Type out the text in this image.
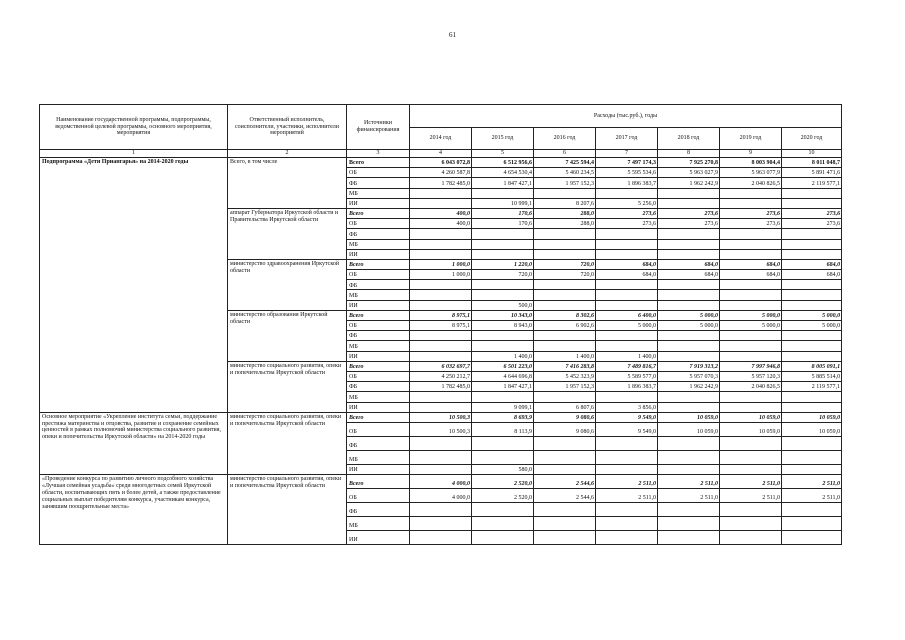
61
Наименование государственной программы, подпрограммы, ведомственной целевой программы, основного мероприятия, мероприятия	Ответственный исполнитель, соисполнители, участники, исполнители мероприятий	Источники финансирования	Расходы (тыс.руб.), годы						
			2014 год	2015 год	2016 год	2017 год	2018 год	2019 год	2020 год
1	2	3	4	5	6	7	8	9	10
Подпрограмма «Дети Приангарья» на 2014-2020 годы	Всего, в том числе	Всего	6 043 072,8	6 512 956,6	7 425 594,4	7 497 174,3	7 925 270,8	8 003 904,4	8 011 048,7
		ОБ	4 260 587,8	4 654 530,4	5 460 234,5	5 595 534,6	5 963 027,9	5 963 077,9	5 891 471,6
		ФБ	1 782 485,0	1 847 427,1	1 957 152,3	1 896 383,7	1 962 242,9	2 040 826,5	2 119 577,1
		МБ							
		ИИ		10 999,1	8 207,6	5 256,0			
	аппарат Губернатора Иркутской области и Правительства Иркутской области	Всего	400,0	170,6	288,0	273,6	273,6	273,6	273,6
		ОБ	400,0	170,6	288,0	273,6	273,6	273,6	273,6
		ФБ							
		МБ							
		ИИ							
	министерство здравоохранения Иркутской области	Всего	1 000,0	1 220,0	720,0	684,0	684,0	684,0	684,0
		ОБ	1 000,0	720,0	720,0	684,0	684,0	684,0	684,0
		ФБ							
		МБ							
		ИИ		500,0					
	министерство образования Иркутской области	Всего	8 975,1	10 343,0	8 302,6	6 400,0	5 000,0	5 000,0	5 000,0
		ОБ	8 975,1	8 943,0	6 902,6	5 000,0	5 000,0	5 000,0	5 000,0
		ФБ							
		МБ							
		ИИ		1 400,0	1 400,0	1 400,0			
	министерство социального развития, опеки и попечительства Иркутской области	Всего	6 032 697,7	6 501 223,0	7 416 283,8	7 489 816,7	7 919 313,2	7 997 946,8	8 005 091,1
		ОБ	4 250 212,7	4 644 696,8	5 452 323,9	5 589 577,0	5 957 070,3	5 957 120,3	5 885 514,0
		ФБ	1 782 485,0	1 847 427,1	1 957 152,3	1 896 383,7	1 962 242,9	2 040 826,5	2 119 577,1
		МБ							
		ИИ		9 099,1	6 807,6	3 856,0			
Основное мероприятие «Укрепление института семьи, поддержание престижа материнства и отцовства, развитие и сохранение семейных ценностей в рамках полномочий министерства социального развития, опеки и попечительства Иркутской области» на 2014-2020 годы	министерство социального развития, опеки и попечительства Иркутской области	Всего	10 500,3	8 693,9	9 080,6	9 549,0	10 059,0	10 059,0	10 059,0
		ОБ	10 500,3	8 113,9	9 080,6	9 549,0	10 059,0	10 059,0	10 059,0
		ФБ							
		МБ							
		ИИ		580,0					
«Проведение конкурса по развитию личного подсобного хозяйства «Лучшая семейная усадьба» среди многодетных семей Иркутской области, воспитывающих пять и более детей, а также предоставление социальных выплат победителям конкурса, участникам конкурса, занявшим поощрительные места»	министерство социального развития, опеки и попечительства Иркутской области	Всего	4 000,0	2 520,0	2 544,6	2 511,0	2 511,0	2 511,0	2 511,0
		ОБ	4 000,0	2 520,0	2 544,6	2 511,0	2 511,0	2 511,0	2 511,0
		ФБ							
		МБ							
		ИИ							
